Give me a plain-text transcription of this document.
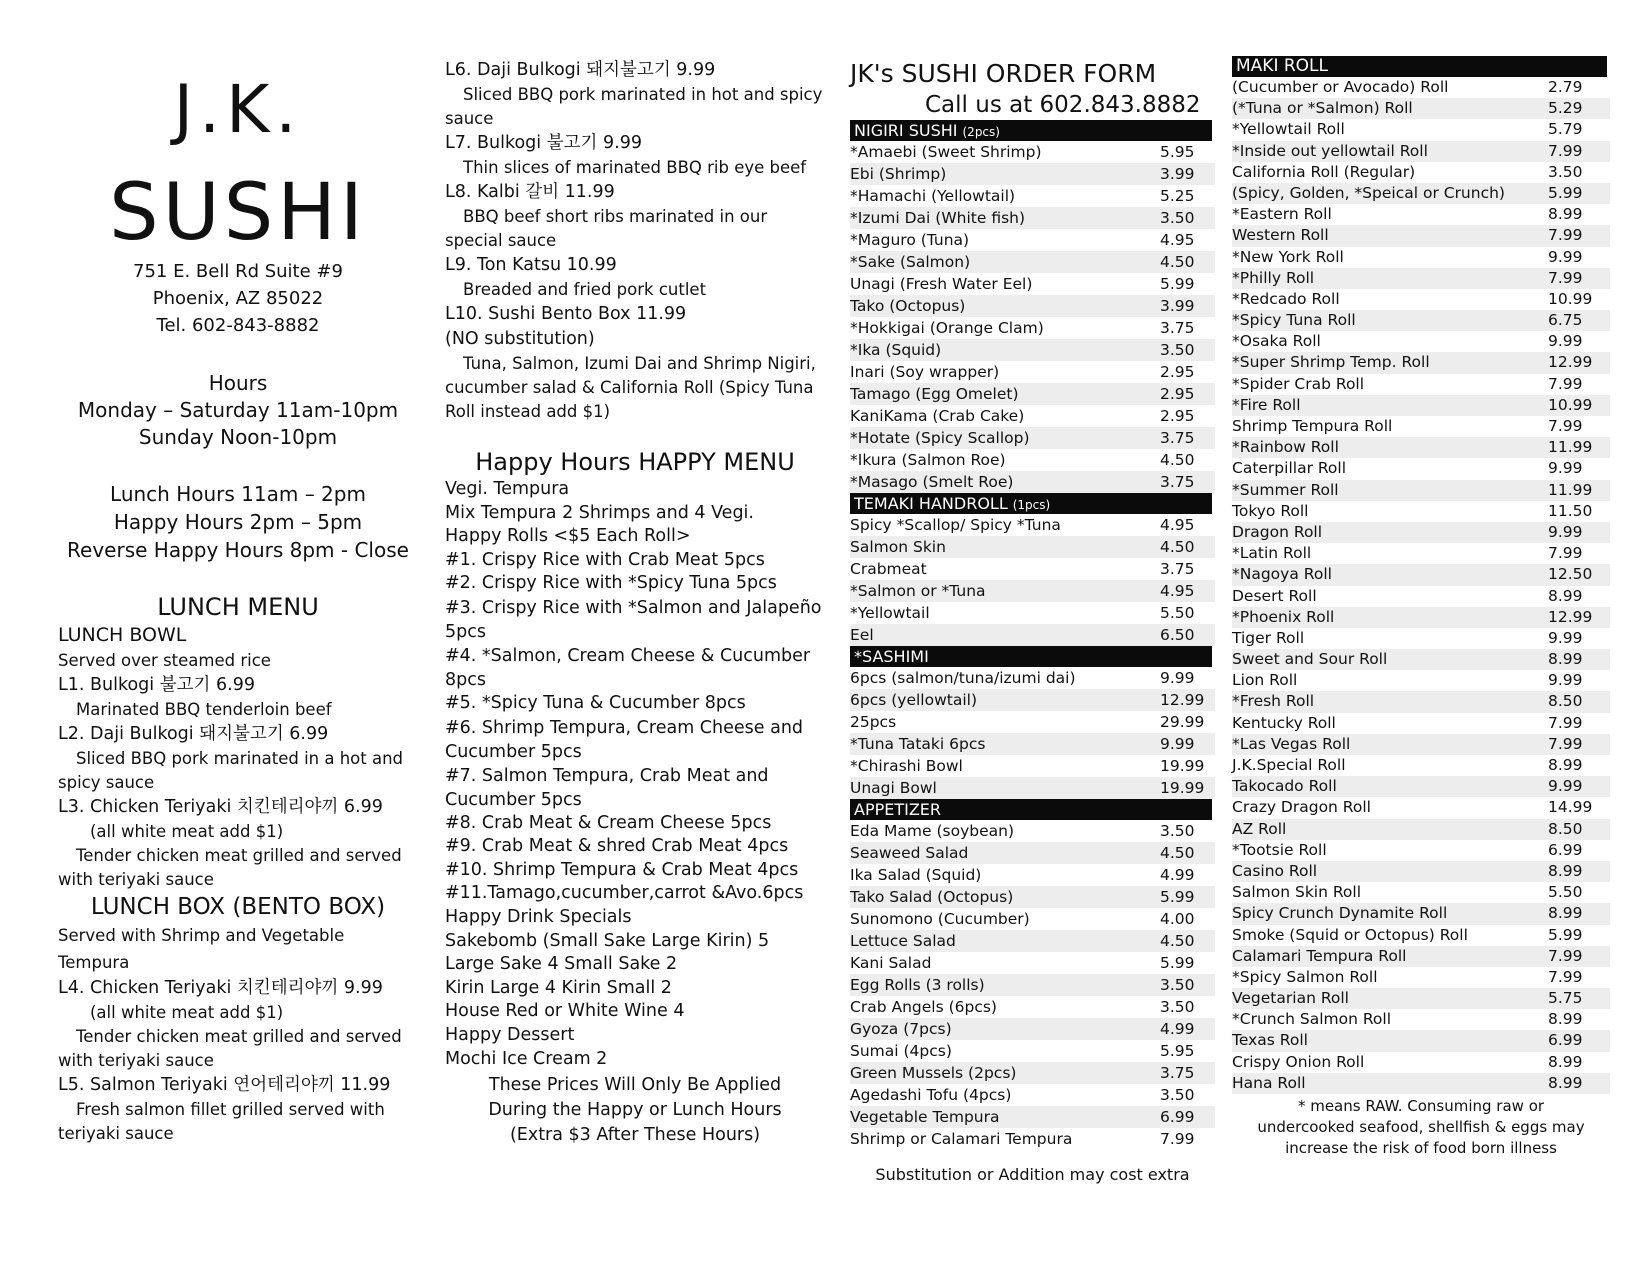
J.K.
SUSHI
751 E. Bell Rd Suite #9
Phoenix, AZ 85022
Tel. 602-843-8882
Hours
Monday – Saturday 11am-10pm
Sunday Noon-10pm
Lunch Hours 11am – 2pm
Happy Hours 2pm – 5pm
Reverse Happy Hours 8pm - Close
LUNCH MENU
LUNCH BOWL
Served over steamed rice
L1. Bulkogi 불고기 6.99
Marinated BBQ tenderloin beef
L2. Daji Bulkogi 돼지불고기 6.99
Sliced BBQ pork marinated in a hot and spicy sauce
L3. Chicken Teriyaki 치킨테리야끼 6.99
(all white meat add $1)
Tender chicken meat grilled and served with teriyaki sauce
LUNCH BOX (BENTO BOX)
Served with Shrimp and Vegetable Tempura
L4. Chicken Teriyaki 치킨테리야끼 9.99
(all white meat add $1)
Tender chicken meat grilled and served with teriyaki sauce
L5. Salmon Teriyaki 연어테리야끼 11.99
Fresh salmon fillet grilled served with teriyaki sauce
L6. Daji Bulkogi 돼지불고기 9.99
Sliced BBQ pork marinated in hot and spicy sauce
L7. Bulkogi 불고기 9.99
Thin slices of marinated BBQ rib eye beef
L8. Kalbi 갈비 11.99
BBQ beef short ribs marinated in our special sauce
L9. Ton Katsu 10.99
Breaded and fried pork cutlet
L10. Sushi Bento Box 11.99
(NO substitution)
Tuna, Salmon, Izumi Dai and Shrimp Nigiri, cucumber salad & California Roll (Spicy Tuna Roll instead add $1)
Happy Hours HAPPY MENU
Vegi. Tempura
Mix Tempura 2 Shrimps and 4 Vegi.
Happy Rolls <$5 Each Roll>
#1. Crispy Rice with Crab Meat 5pcs
#2. Crispy Rice with *Spicy Tuna 5pcs
#3. Crispy Rice with *Salmon and Jalapeño 5pcs
#4. *Salmon, Cream Cheese & Cucumber 8pcs
#5. *Spicy Tuna & Cucumber 8pcs
#6. Shrimp Tempura, Cream Cheese and Cucumber 5pcs
#7. Salmon Tempura, Crab Meat and Cucumber 5pcs
#8. Crab Meat & Cream Cheese 5pcs
#9. Crab Meat & shred Crab Meat 4pcs
#10. Shrimp Tempura & Crab Meat 4pcs
#11.Tamago,cucumber,carrot &Avo.6pcs
Happy Drink Specials
Sakebomb (Small Sake Large Kirin) 5
Large Sake 4 Small Sake 2
Kirin Large 4 Kirin Small 2
House Red or White Wine 4
Happy Dessert
Mochi Ice Cream 2
These Prices Will Only Be Applied
During the Happy or Lunch Hours
(Extra $3 After These Hours)
JK's SUSHI ORDER FORM
Call us at 602.843.8882
NIGIRI SUSHI (2pcs)
*Amaebi (Sweet Shrimp)	5.95
Ebi (Shrimp)	3.99
*Hamachi (Yellowtail)	5.25
*Izumi Dai (White fish)	3.50
*Maguro (Tuna)	4.95
*Sake (Salmon)	4.50
Unagi (Fresh Water Eel)	5.99
Tako (Octopus)	3.99
*Hokkigai (Orange Clam)	3.75
*Ika (Squid)	3.50
Inari (Soy wrapper)	2.95
Tamago (Egg Omelet)	2.95
KaniKama (Crab Cake)	2.95
*Hotate (Spicy Scallop)	3.75
*Ikura (Salmon Roe)	4.50
*Masago (Smelt Roe)	3.75
TEMAKI HANDROLL (1pcs)
Spicy *Scallop/ Spicy *Tuna	4.95
Salmon Skin	4.50
Crabmeat	3.75
*Salmon or *Tuna	4.95
*Yellowtail	5.50
Eel	6.50
*SASHIMI
6pcs (salmon/tuna/izumi dai)	9.99
6pcs (yellowtail)	12.99
25pcs	29.99
*Tuna Tataki 6pcs	9.99
*Chirashi Bowl	19.99
Unagi Bowl	19.99
APPETIZER
Eda Mame (soybean)	3.50
Seaweed Salad	4.50
Ika Salad (Squid)	4.99
Tako Salad (Octopus)	5.99
Sunomono (Cucumber)	4.00
Lettuce Salad	4.50
Kani Salad	5.99
Egg Rolls (3 rolls)	3.50
Crab Angels (6pcs)	3.50
Gyoza (7pcs)	4.99
Sumai (4pcs)	5.95
Green Mussels (2pcs)	3.75
Agedashi Tofu (4pcs)	3.50
Vegetable Tempura	6.99
Shrimp or Calamari Tempura	7.99
Substitution or Addition may cost extra
MAKI ROLL
(Cucumber or Avocado) Roll	2.79
(*Tuna or *Salmon) Roll	5.29
*Yellowtail Roll	5.79
*Inside out yellowtail Roll	7.99
California Roll (Regular)	3.50
(Spicy, Golden, *Speical or Crunch)	5.99
*Eastern Roll	8.99
Western Roll	7.99
*New York Roll	9.99
*Philly Roll	7.99
*Redcado Roll	10.99
*Spicy Tuna Roll	6.75
*Osaka Roll	9.99
*Super Shrimp Temp. Roll	12.99
*Spider Crab Roll	7.99
*Fire Roll	10.99
Shrimp Tempura Roll	7.99
*Rainbow Roll	11.99
Caterpillar Roll	9.99
*Summer Roll	11.99
Tokyo Roll	11.50
Dragon Roll	9.99
*Latin Roll	7.99
*Nagoya Roll	12.50
Desert Roll	8.99
*Phoenix Roll	12.99
Tiger Roll	9.99
Sweet and Sour Roll	8.99
Lion Roll	9.99
*Fresh Roll	8.50
Kentucky Roll	7.99
*Las Vegas Roll	7.99
J.K.Special Roll	8.99
Takocado Roll	9.99
Crazy Dragon Roll	14.99
AZ Roll	8.50
*Tootsie Roll	6.99
Casino Roll	8.99
Salmon Skin Roll	5.50
Spicy Crunch Dynamite Roll	8.99
Smoke (Squid or Octopus) Roll	5.99
Calamari Tempura Roll	7.99
*Spicy Salmon Roll	7.99
Vegetarian Roll	5.75
*Crunch Salmon Roll	8.99
Texas Roll	6.99
Crispy Onion Roll	8.99
Hana Roll	8.99
* means RAW. Consuming raw or
undercooked seafood, shellfish & eggs may
increase the risk of food born illness
